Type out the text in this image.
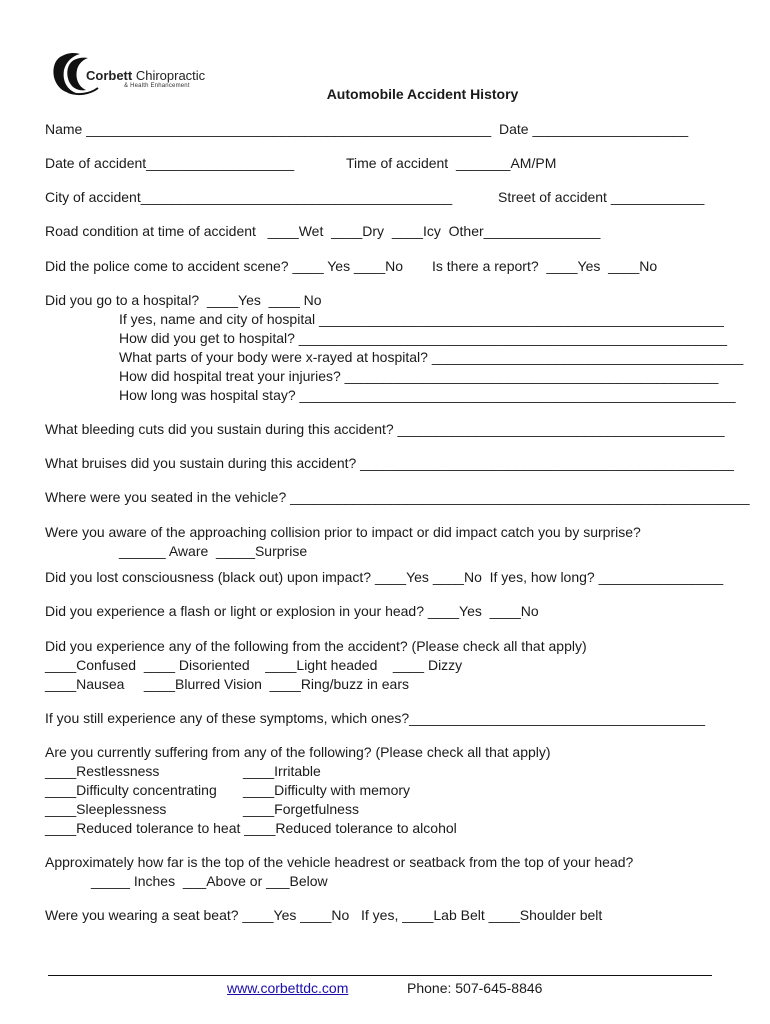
Corbett Chiropractic
& Health Enhancement	Automobile Accident History
Name ____________________________________________________ Date ____________________
Date of accident___________________	Time of accident  _______AM/PM
City of accident________________________________________	Street of accident ____________
Road condition at time of accident   ____Wet  ____Dry  ____Icy  Other_______________
Did the police come to accident scene? ____ Yes ____No Is there a report?  ____Yes  ____No
Did you go to a hospital?  ____Yes  ____ No
If yes, name and city of hospital ____________________________________________________
How did you get to hospital? _______________________________________________________
What parts of your body were x-rayed at hospital? ________________________________________
How did hospital treat your injuries? ________________________________________________
How long was hospital stay? ________________________________________________________
What bleeding cuts did you sustain during this accident? __________________________________________
What bruises did you sustain during this accident? ________________________________________________
Where were you seated in the vehicle? ___________________________________________________________
Were you aware of the approaching collision prior to impact or did impact catch you by surprise?
______ Aware  _____Surprise
Did you lost consciousness (black out) upon impact? ____Yes ____No  If yes, how long? ________________
Did you experience a flash or light or explosion in your head? ____Yes  ____No
Did you experience any of the following from the accident? (Please check all that apply)
____Confused  ____ Disoriented    ____Light headed    ____ Dizzy
____Nausea     ____Blurred Vision  ____Ring/buzz in ears
If you still experience any of these symptoms, which ones?______________________________________
Are you currently suffering from any of the following? (Please check all that apply)
____Restlessness	____Irritable
____Difficulty concentrating ____Difficulty with memory
____Sleeplessness	____Forgetfulness
____Reduced tolerance to heat ____Reduced tolerance to alcohol
Approximately how far is the top of the vehicle headrest or seatback from the top of your head?
_____ Inches  ___Above or ___Below
Were you wearing a seat beat? ____Yes ____No   If yes, ____Lab Belt ____Shoulder belt
www.corbettdc.com	Phone: 507-645-8846
